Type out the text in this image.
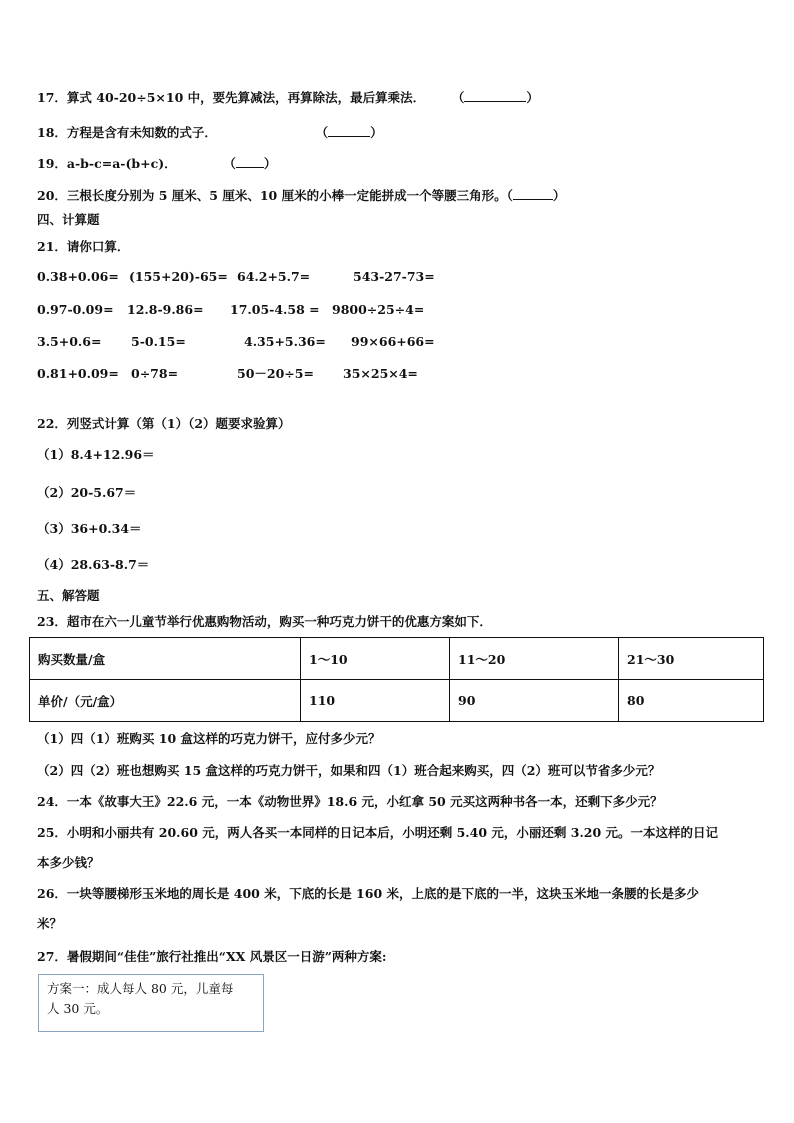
17．算式 40-20÷5×10 中，要先算减法，再算除法，最后算乘法． （	）
18．方程是含有未知数的式子．	（	）
19．a-b-c=a-(b+c)．	（ ）
20．三根长度分别为 5 厘米、5 厘米、10 厘米的小棒一定能拼成一个等腰三角形。（	）
四、计算题
21．请你口算．
0.38+0.06= (155+20)-65= 64.2+5.7=	543-27-73=
0.97-0.09= 12.8-9.86= 17.05-4.58 = 9800÷25÷4=
3.5+0.6= 5-0.15=	4.35+5.36= 99×66+66=
0.81+0.09= 0÷78=	50－20÷5= 35×25×4=
22．列竖式计算（第（1）（2）题要求验算）
（1）8.4+12.96＝
（2）20-5.67＝
（3）36+0.34＝
（4）28.63-8.7＝
五、解答题
23．超市在六一儿童节举行优惠购物活动，购买一种巧克力饼干的优惠方案如下．
购买数量/盒	1～10	11～20	21～30
单价/（元/盒）	110	90	80
（1）四（1）班购买 10 盒这样的巧克力饼干，应付多少元？
（2）四（2）班也想购买 15 盒这样的巧克力饼干，如果和四（1）班合起来购买，四（2）班可以节省多少元？
24．一本《故事大王》22.6 元，一本《动物世界》18.6 元，小红拿 50 元买这两种书各一本，还剩下多少元？
25．小明和小丽共有 20.60 元，两人各买一本同样的日记本后，小明还剩 5.40 元，小丽还剩 3.20 元。一本这样的日记
本多少钱？
26．一块等腰梯形玉米地的周长是 400 米，下底的长是 160 米，上底的是下底的一半，这块玉米地一条腰的长是多少
米？
27．暑假期间“佳佳”旅行社推出“XX 风景区一日游”两种方案:
方案一：成人每人 80 元，儿童每
人 30 元。
